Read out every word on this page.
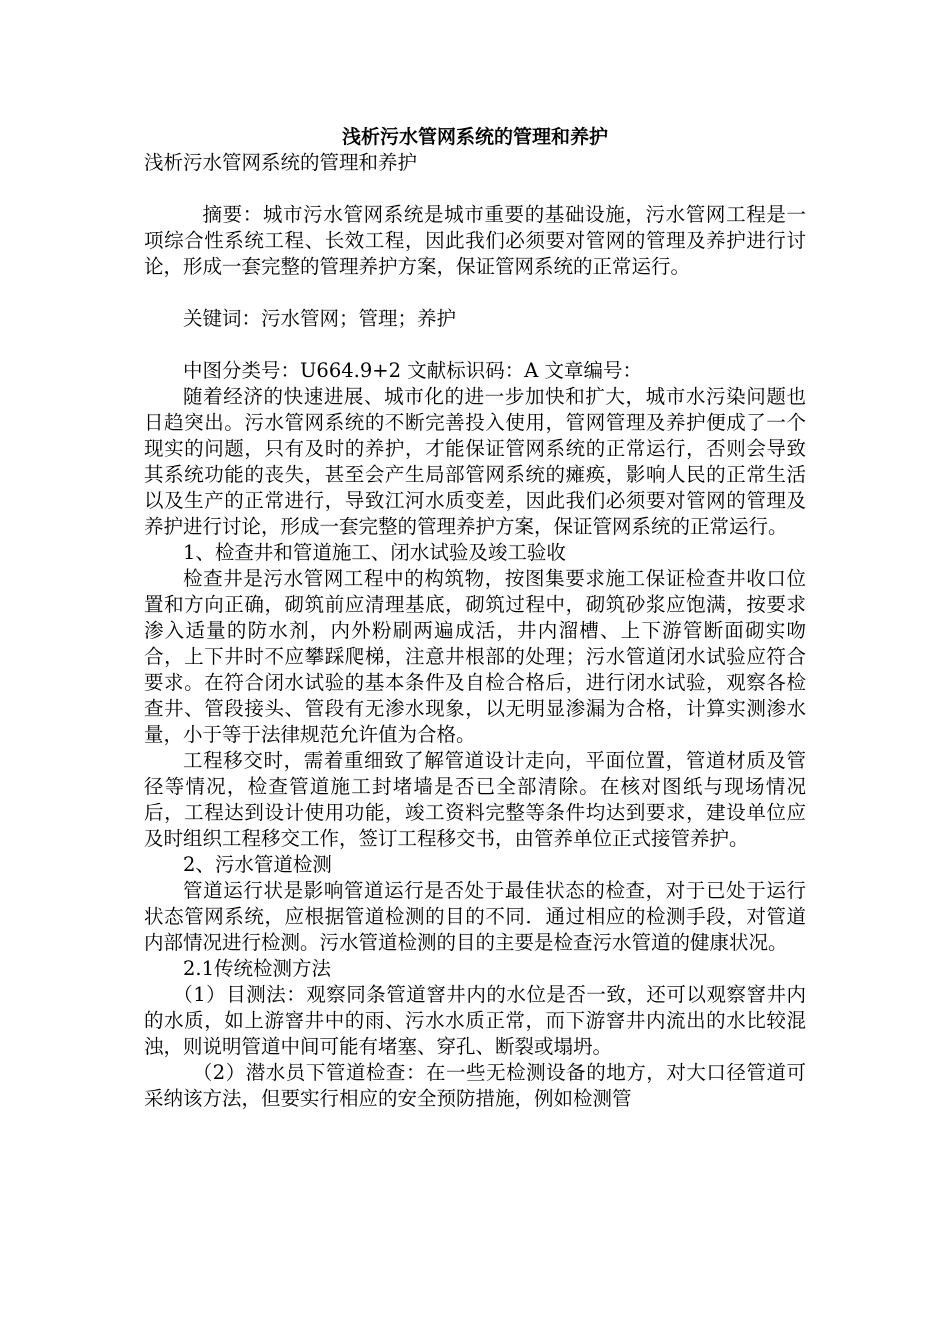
浅析污水管网系统的管理和养护

浅析污水管网系统的管理和养护

摘要：城市污水管网系统是城市重要的基础设施，污水管网工程是一项综合性系统工程、长效工程，因此我们必须要对管网的管理及养护进行讨论，形成一套完整的管理养护方案，保证管网系统的正常运行。

关键词：污水管网；管理；养护

中图分类号：U664.9+2 文献标识码：A 文章编号：

随着经济的快速进展、城市化的进一步加快和扩大，城市水污染问题也日趋突出。污水管网系统的不断完善投入使用，管网管理及养护便成了一个现实的问题，只有及时的养护，才能保证管网系统的正常运行，否则会导致其系统功能的丧失，甚至会产生局部管网系统的瘫痪，影响人民的正常生活以及生产的正常进行，导致江河水质变差，因此我们必须要对管网的管理及养护进行讨论，形成一套完整的管理养护方案，保证管网系统的正常运行。

1、检查井和管道施工、闭水试验及竣工验收

检查井是污水管网工程中的构筑物，按图集要求施工保证检查井收口位置和方向正确，砌筑前应清理基底，砌筑过程中，砌筑砂浆应饱满，按要求渗入适量的防水剂，内外粉刷两遍成活，井内溜槽、上下游管断面砌实吻合，上下井时不应攀踩爬梯，注意井根部的处理；污水管道闭水试验应符合要求。在符合闭水试验的基本条件及自检合格后，进行闭水试验，观察各检查井、管段接头、管段有无渗水现象，以无明显渗漏为合格，计算实测渗水量，小于等于法律规范允许值为合格。

工程移交时，需着重细致了解管道设计走向，平面位置，管道材质及管径等情况，检查管道施工封堵墙是否已全部清除。在核对图纸与现场情况后，工程达到设计使用功能，竣工资料完整等条件均达到要求，建设单位应及时组织工程移交工作，签订工程移交书，由管养单位正式接管养护。

2、污水管道检测

管道运行状是影响管道运行是否处于最佳状态的检查，对于已处于运行状态管网系统，应根据管道检测的目的不同．通过相应的检测手段，对管道内部情况进行检测。污水管道检测的目的主要是检查污水管道的健康状况。

2.1传统检测方法

（1）目测法：观察同条管道窨井内的水位是否一致，还可以观察窨井内的水质，如上游窨井中的雨、污水水质正常，而下游窨井内流出的水比较混浊，则说明管道中间可能有堵塞、穿孔、断裂或塌坍。

（2）潜水员下管道检查：在一些无检测设备的地方，对大口径管道可采纳该方法，但要实行相应的安全预防措施，例如检测管
